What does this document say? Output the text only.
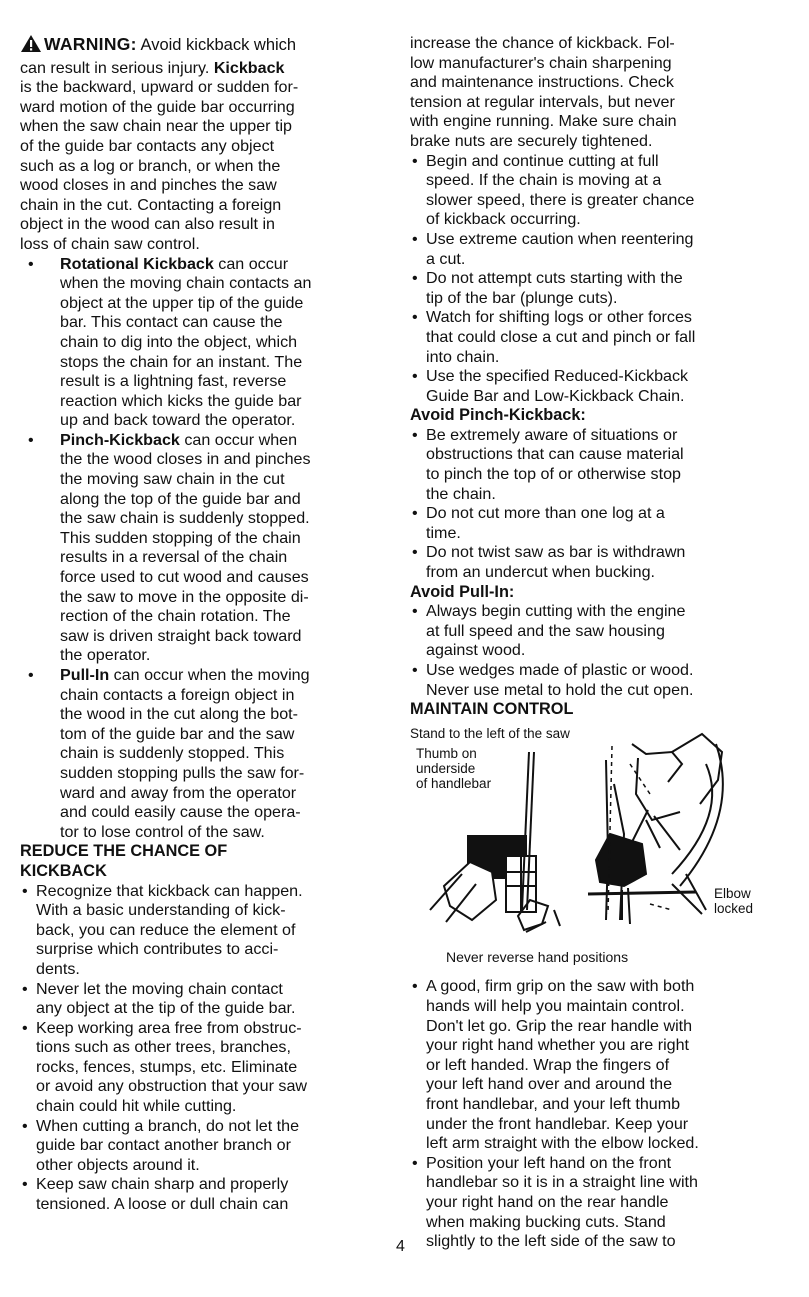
WARNING: Avoid kickback which

can result in serious injury. Kickback

is the backward, upward or sudden for-

ward motion of the guide bar occurring

when the saw chain near the upper tip

of the guide bar contacts any object

such as a log or branch, or when the

wood closes in and pinches the saw

chain in the cut. Contacting a foreign

object in the wood can also result in

loss of chain saw control.

• Rotational Kickback can occur

when the moving chain contacts an

object at the upper tip of the guide

bar. This contact can cause the

chain to dig into the object, which

stops the chain for an instant. The

result is a lightning fast, reverse

reaction which kicks the guide bar

up and back toward the operator.

• Pinch-Kickback can occur when

the the wood closes in and pinches

the moving saw chain in the cut

along the top of the guide bar and

the saw chain is suddenly stopped.

This sudden stopping of the chain

results in a reversal of the chain

force used to cut wood and causes

the saw to move in the opposite di-

rection of the chain rotation. The

saw is driven straight back toward

the operator.

• Pull-In can occur when the moving

chain contacts a foreign object in

the wood in the cut along the bot-

tom of the guide bar and the saw

chain is suddenly stopped. This

sudden stopping pulls the saw for-

ward and away from the operator

and could easily cause the opera-

tor to lose control of the saw.

REDUCE THE CHANCE OF

KICKBACK

• Recognize that kickback can happen.

With a basic understanding of kick-

back, you can reduce the element of

surprise which contributes to acci-

dents.

• Never let the moving chain contact

any object at the tip of the guide bar.

• Keep working area free from obstruc-

tions such as other trees, branches,

rocks, fences, stumps, etc. Eliminate

or avoid any obstruction that your saw

chain could hit while cutting.

• When cutting a branch, do not let the

guide bar contact another branch or

other objects around it.

• Keep saw chain sharp and properly

tensioned. A loose or dull chain can

increase the chance of kickback. Fol-

low manufacturer's chain sharpening

and maintenance instructions. Check

tension at regular intervals, but never

with engine running. Make sure chain

brake nuts are securely tightened.

• Begin and continue cutting at full

speed. If the chain is moving at a

slower speed, there is greater chance

of kickback occurring.

• Use extreme caution when reentering

a cut.

• Do not attempt cuts starting with the

tip of the bar (plunge cuts).

• Watch for shifting logs or other forces

that could close a cut and pinch or fall

into chain.

• Use the specified Reduced-Kickback

Guide Bar and Low-Kickback Chain.

Avoid Pinch-Kickback:

• Be extremely aware of situations or

obstructions that can cause material

to pinch the top of or otherwise stop

the chain.

• Do not cut more than one log at a

time.

• Do not twist saw as bar is withdrawn

from an undercut when bucking.

Avoid Pull-In:

• Always begin cutting with the engine

at full speed and the saw housing

against wood.

• Use wedges made of plastic or wood.

Never use metal to hold the cut open.

MAINTAIN CONTROL

Stand to the left of the saw
Thumb on
underside
of handlebar
Elbow
locked

Never reverse hand positions

• A good, firm grip on the saw with both

hands will help you maintain control.

Don't let go. Grip the rear handle with

your right hand whether you are right

or left handed. Wrap the fingers of

your left hand over and around the

front handlebar, and your left thumb

under the front handlebar. Keep your

left arm straight with the elbow locked.

• Position your left hand on the front

handlebar so it is in a straight line with

your right hand on the rear handle

when making bucking cuts. Stand

slightly to the left side of the saw to

4
